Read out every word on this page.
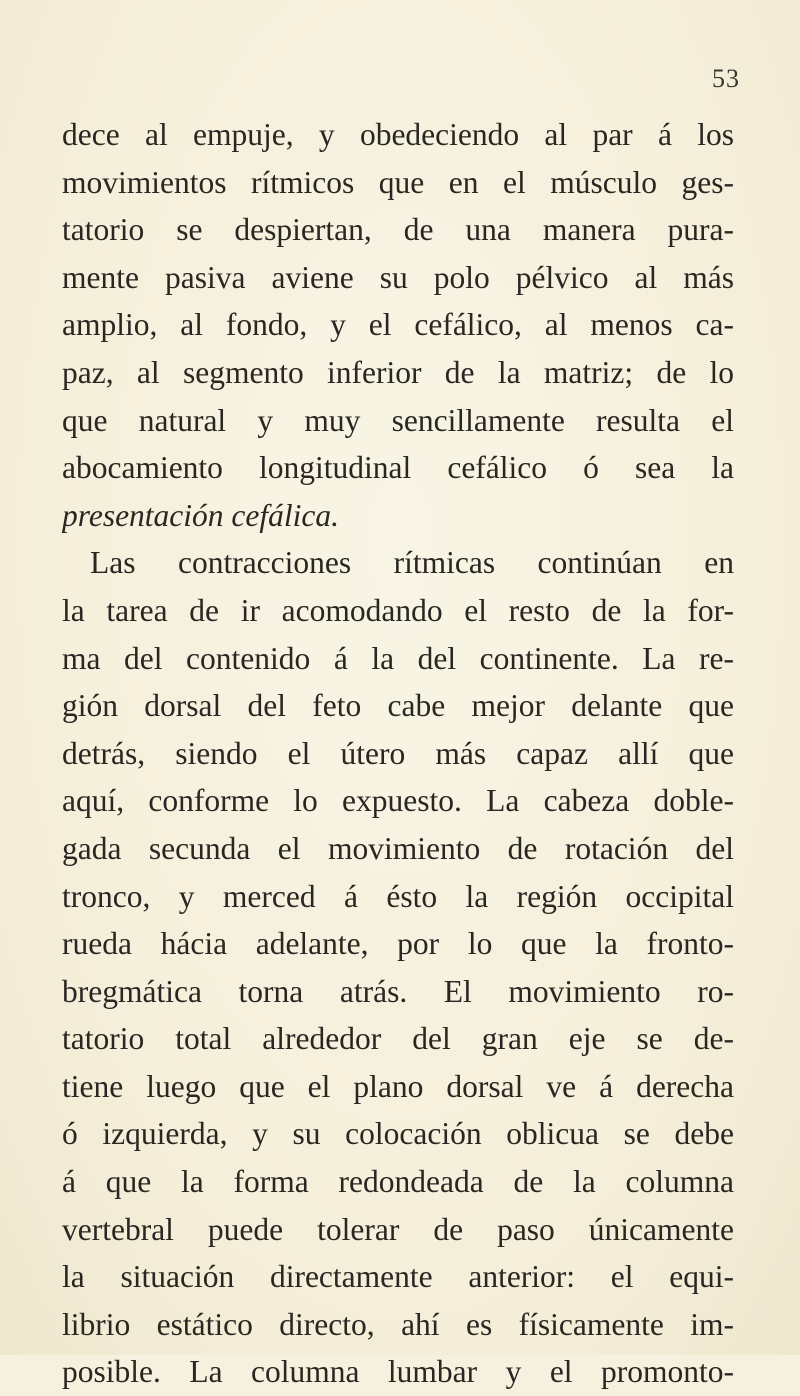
53
dece al empuje, y obedeciendo al par á los
movimientos rítmicos que en el músculo ges-
tatorio se despiertan, de una manera pura-
mente pasiva aviene su polo pélvico al más
amplio, al fondo, y el cefálico, al menos ca-
paz, al segmento inferior de la matriz; de lo
que natural y muy sencillamente resulta el
abocamiento longitudinal cefálico ó sea la
presentación cefálica.
Las contracciones rítmicas continúan en
la tarea de ir acomodando el resto de la for-
ma del contenido á la del continente. La re-
gión dorsal del feto cabe mejor delante que
detrás, siendo el útero más capaz allí que
aquí, conforme lo expuesto. La cabeza doble-
gada secunda el movimiento de rotación del
tronco, y merced á ésto la región occipital
rueda hácia adelante, por lo que la fronto-
bregmática torna atrás. El movimiento ro-
tatorio total alrededor del gran eje se de-
tiene luego que el plano dorsal ve á derecha
ó izquierda, y su colocación oblicua se debe
á que la forma redondeada de la columna
vertebral puede tolerar de paso únicamente
la situación directamente anterior: el equi-
librio estático directo, ahí es físicamente im-
posible. La columna lumbar y el promonto-
